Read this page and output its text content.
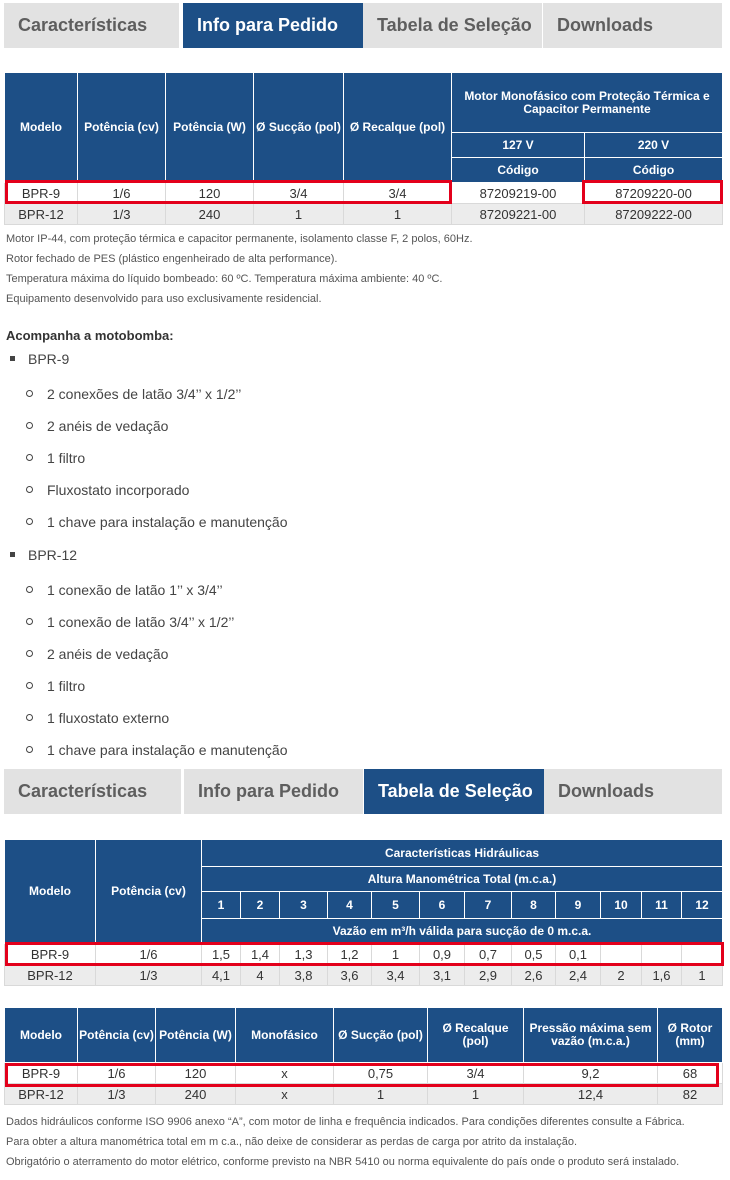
Características	Info para Pedido	Tabela de Seleção	Downloads
Modelo	Potência (cv)	Potência (W)	Ø Sucção (pol)	Ø Recalque (pol)	Motor Monofásico com Proteção Térmica e Capacitor Permanente	
					127 V	220 V
					Código	Código
BPR-9	1/6	120	3/4	3/4	87209219-00	87209220-00
BPR-12	1/3	240	1	1	87209221-00	87209222-00

Motor IP-44, com proteção térmica e capacitor permanente, isolamento classe F, 2 polos, 60Hz.

Rotor fechado de PES (plástico engenheirado de alta performance).

Temperatura máxima do líquido bombeado: 60 ºC. Temperatura máxima ambiente: 40 ºC.

Equipamento desenvolvido para uso exclusivamente residencial.

Acompanha a motobomba:
BPR-9
2 conexões de latão 3/4’’ x 1/2’’
2 anéis de vedação
1 filtro
Fluxostato incorporado
1 chave para instalação e manutenção
BPR-12
1 conexão de latão 1’’ x 3/4’’
1 conexão de latão 3/4’’ x 1/2’’
2 anéis de vedação
1 filtro
1 fluxostato externo
1 chave para instalação e manutenção
Características	Info para Pedido	Tabela de Seleção	Downloads
Modelo	Potência (cv)	Características Hidráulicas											
		Altura Manométrica Total (m.c.a.)											
		1	2	3	4	5	6	7	8	9	10	11	12
		Vazão em m³/h válida para sucção de 0 m.c.a.											
BPR-9	1/6	1,5	1,4	1,3	1,2	1	0,9	0,7	0,5	0,1			
BPR-12	1/3	4,1	4	3,8	3,6	3,4	3,1	2,9	2,6	2,4	2	1,6	1
Modelo	Potência (cv)	Potência (W)	Monofásico	Ø Sucção (pol)	Ø Recalque (pol)	Pressão máxima sem vazão (m.c.a.)	Ø Rotor (mm)
BPR-9	1/6	120	x	0,75	3/4	9,2	68
BPR-12	1/3	240	x	1	1	12,4	82

Dados hidráulicos conforme ISO 9906 anexo “A”, com motor de linha e frequência indicados. Para condições diferentes consulte a Fábrica.

Para obter a altura manométrica total em m c.a., não deixe de considerar as perdas de carga por atrito da instalação.

Obrigatório o aterramento do motor elétrico, conforme previsto na NBR 5410 ou norma equivalente do país onde o produto será instalado.
